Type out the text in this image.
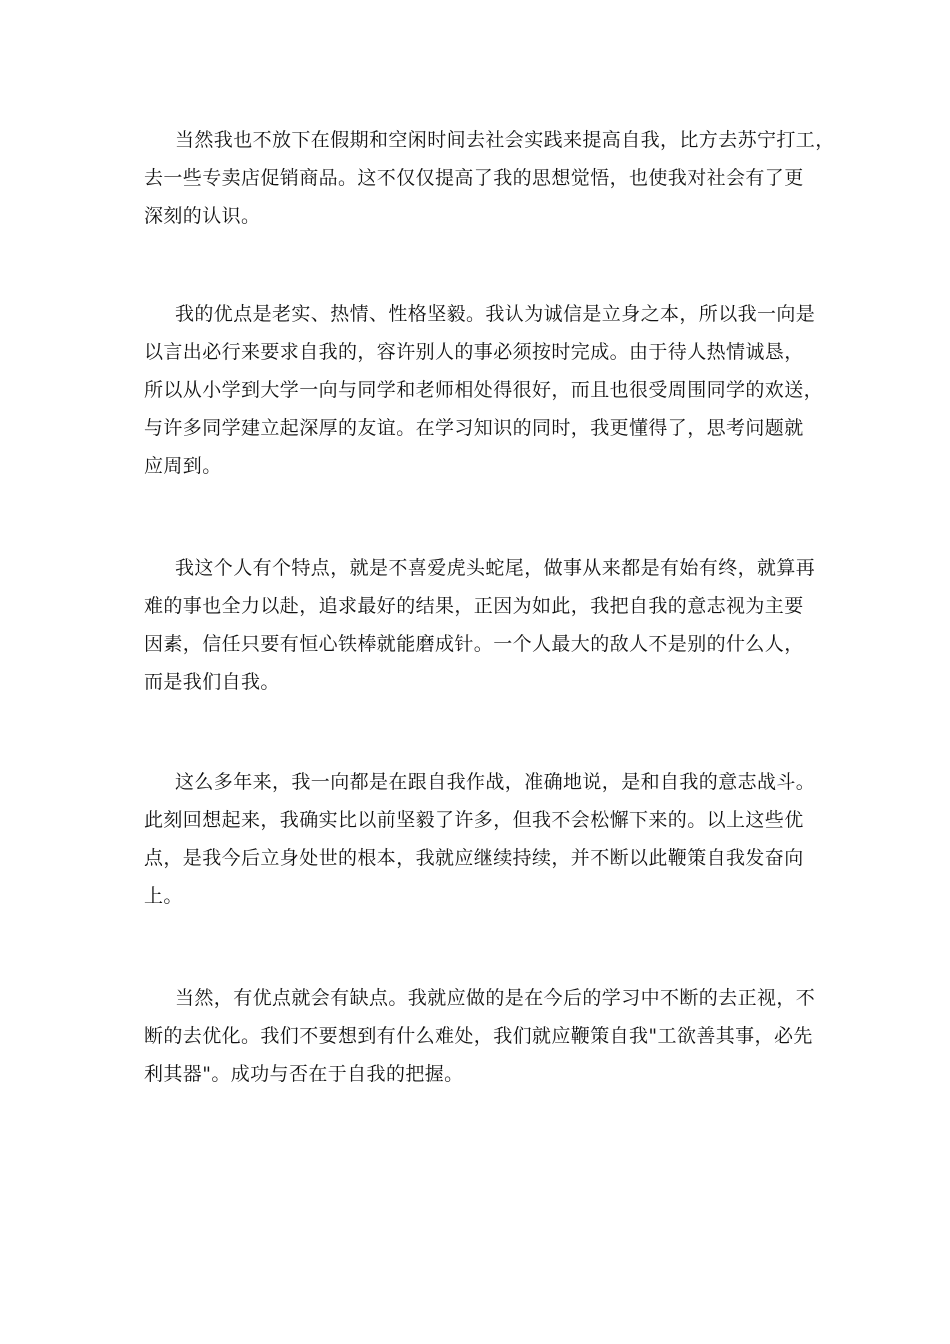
当然我也不放下在假期和空闲时间去社会实践来提高自我，比方去苏宁打工，
去一些专卖店促销商品。这不仅仅提高了我的思想觉悟，也使我对社会有了更
深刻的认识。
我的优点是老实、热情、性格坚毅。我认为诚信是立身之本，所以我一向是
以言出必行来要求自我的，容许别人的事必须按时完成。由于待人热情诚恳，
所以从小学到大学一向与同学和老师相处得很好，而且也很受周围同学的欢送，
与许多同学建立起深厚的友谊。在学习知识的同时，我更懂得了，思考问题就
应周到。
我这个人有个特点，就是不喜爱虎头蛇尾，做事从来都是有始有终，就算再
难的事也全力以赴，追求最好的结果，正因为如此，我把自我的意志视为主要
因素，信任只要有恒心铁棒就能磨成针。一个人最大的敌人不是别的什么人，
而是我们自我。
这么多年来，我一向都是在跟自我作战，准确地说，是和自我的意志战斗。
此刻回想起来，我确实比以前坚毅了许多，但我不会松懈下来的。以上这些优
点，是我今后立身处世的根本，我就应继续持续，并不断以此鞭策自我发奋向
上。
当然，有优点就会有缺点。我就应做的是在今后的学习中不断的去正视，不
断的去优化。我们不要想到有什么难处，我们就应鞭策自我"工欲善其事，必先
利其器"。成功与否在于自我的把握。
